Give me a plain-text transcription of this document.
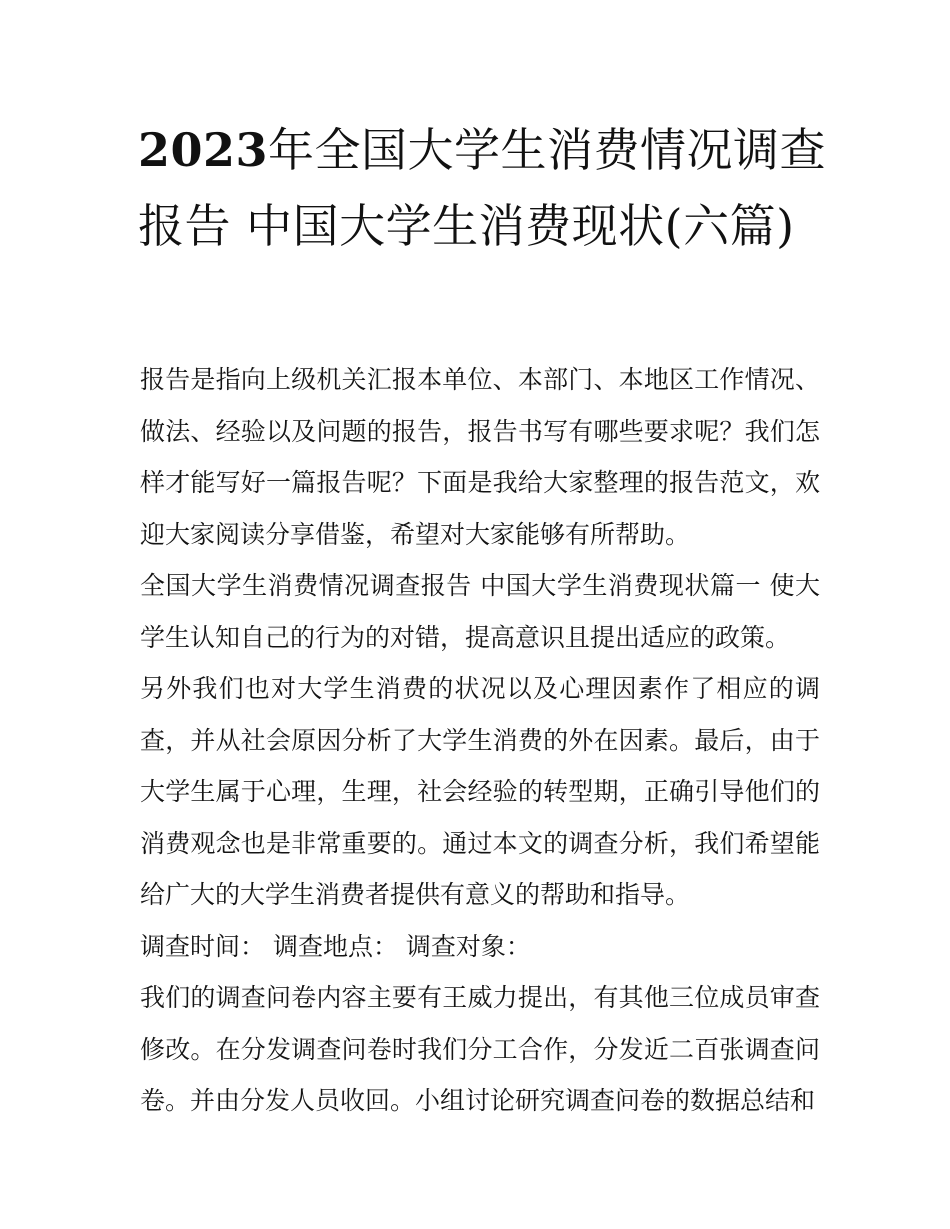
2023年全国大学生消费情况调查报告 中国大学生消费现状(六篇)

报告是指向上级机关汇报本单位、本部门、本地区工作情况、做法、经验以及问题的报告，报告书写有哪些要求呢？我们怎样才能写好一篇报告呢？下面是我给大家整理的报告范文，欢迎大家阅读分享借鉴，希望对大家能够有所帮助。

全国大学生消费情况调查报告 中国大学生消费现状篇一 使大学生认知自己的行为的对错，提高意识且提出适应的政策。

另外我们也对大学生消费的状况以及心理因素作了相应的调查，并从社会原因分析了大学生消费的外在因素。最后，由于大学生属于心理，生理，社会经验的转型期，正确引导他们的消费观念也是非常重要的。通过本文的调查分析，我们希望能给广大的大学生消费者提供有意义的帮助和指导。

调查时间： 调查地点： 调查对象：

我们的调查问卷内容主要有王威力提出，有其他三位成员审查修改。在分发调查问卷时我们分工合作，分发近二百张调查问卷。并由分发人员收回。小组讨论研究调查问卷的数据总结和
